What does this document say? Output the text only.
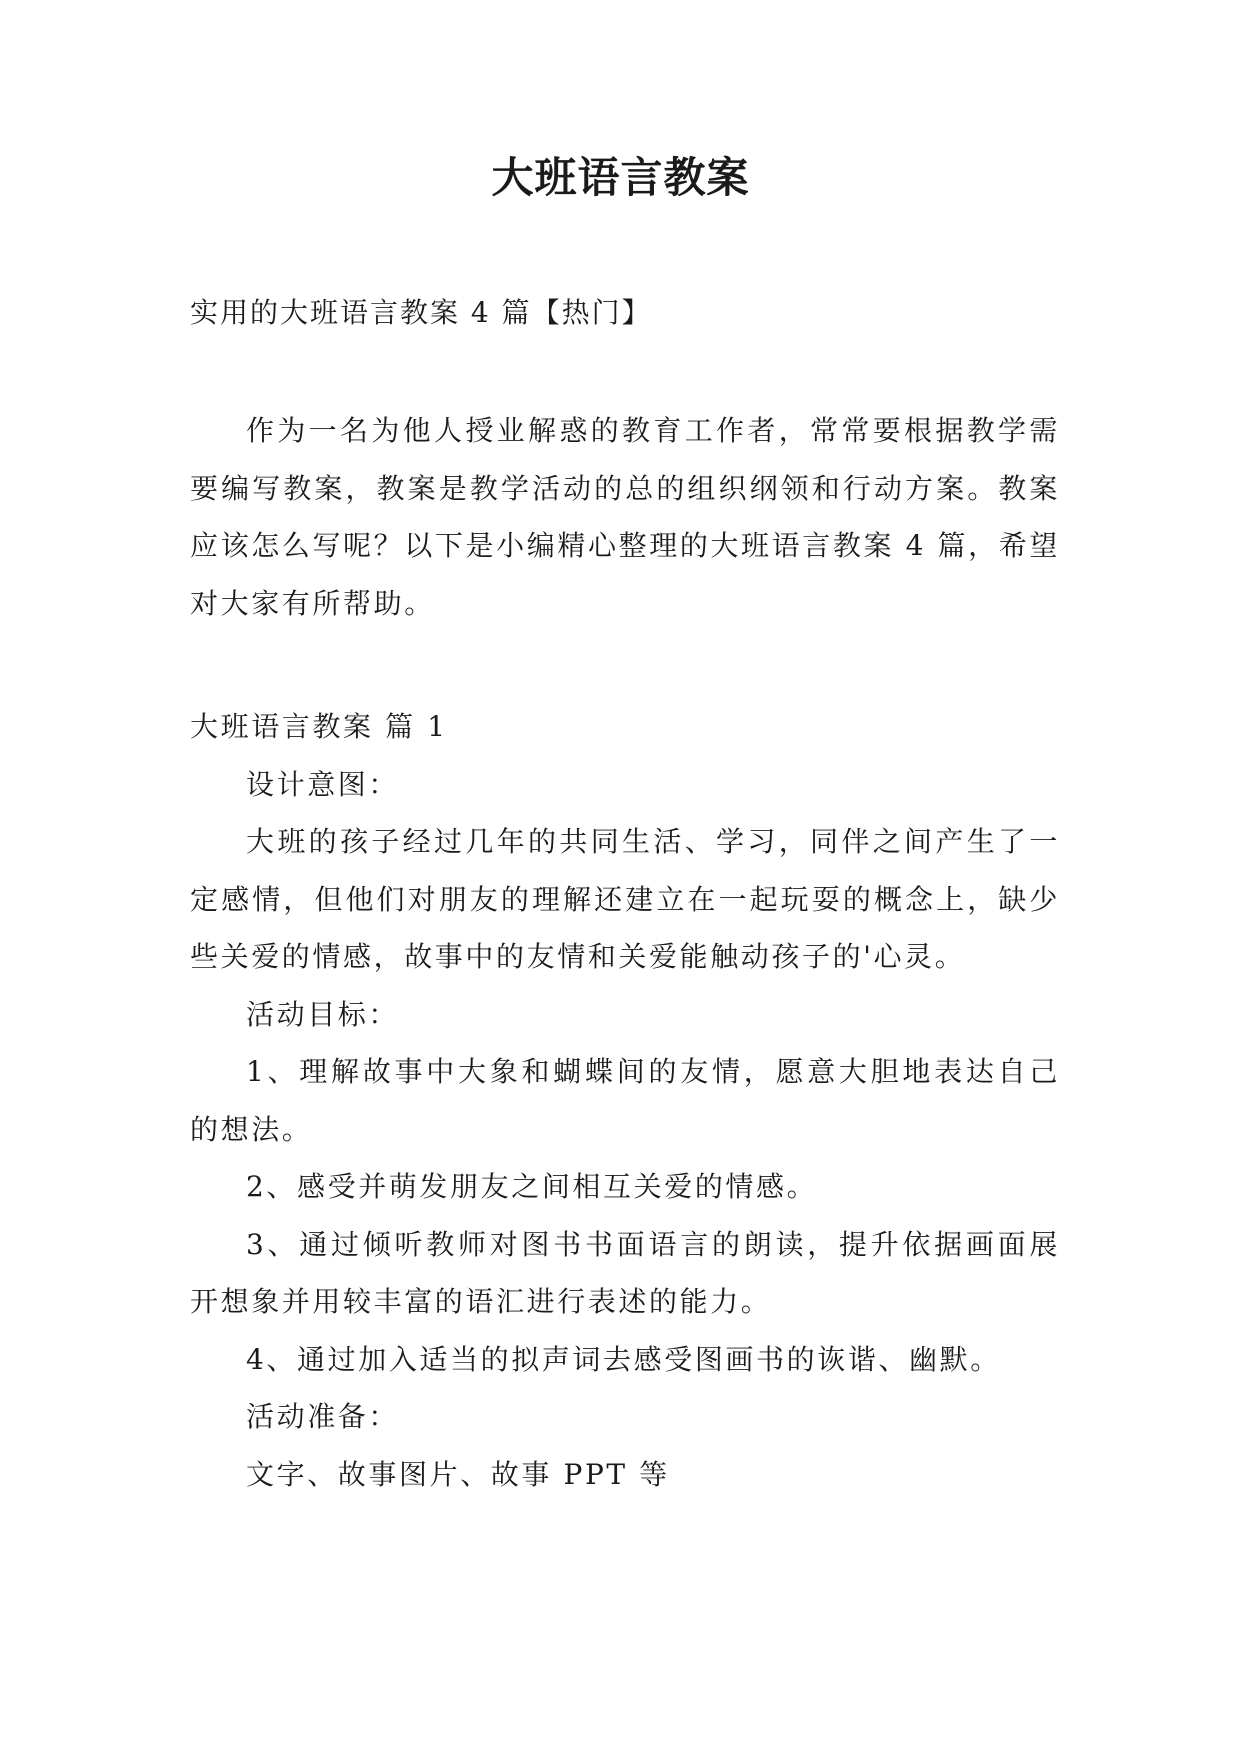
大班语言教案
实用的大班语言教案 4 篇【热门】

作为一名为他人授业解惑的教育工作者，常常要根据教学需要编写教案，教案是教学活动的总的组织纲领和行动方案。教案应该怎么写呢？以下是小编精心整理的大班语言教案 4 篇，希望对大家有所帮助。

大班语言教案 篇 1

设计意图：

大班的孩子经过几年的共同生活、学习，同伴之间产生了一定感情，但他们对朋友的理解还建立在一起玩耍的概念上，缺少些关爱的情感，故事中的友情和关爱能触动孩子的'心灵。

活动目标：

1、理解故事中大象和蝴蝶间的友情，愿意大胆地表达自己的想法。

2、感受并萌发朋友之间相互关爱的情感。

3、通过倾听教师对图书书面语言的朗读，提升依据画面展开想象并用较丰富的语汇进行表述的能力。

4、通过加入适当的拟声词去感受图画书的诙谐、幽默。

活动准备：

文字、故事图片、故事 PPT 等
